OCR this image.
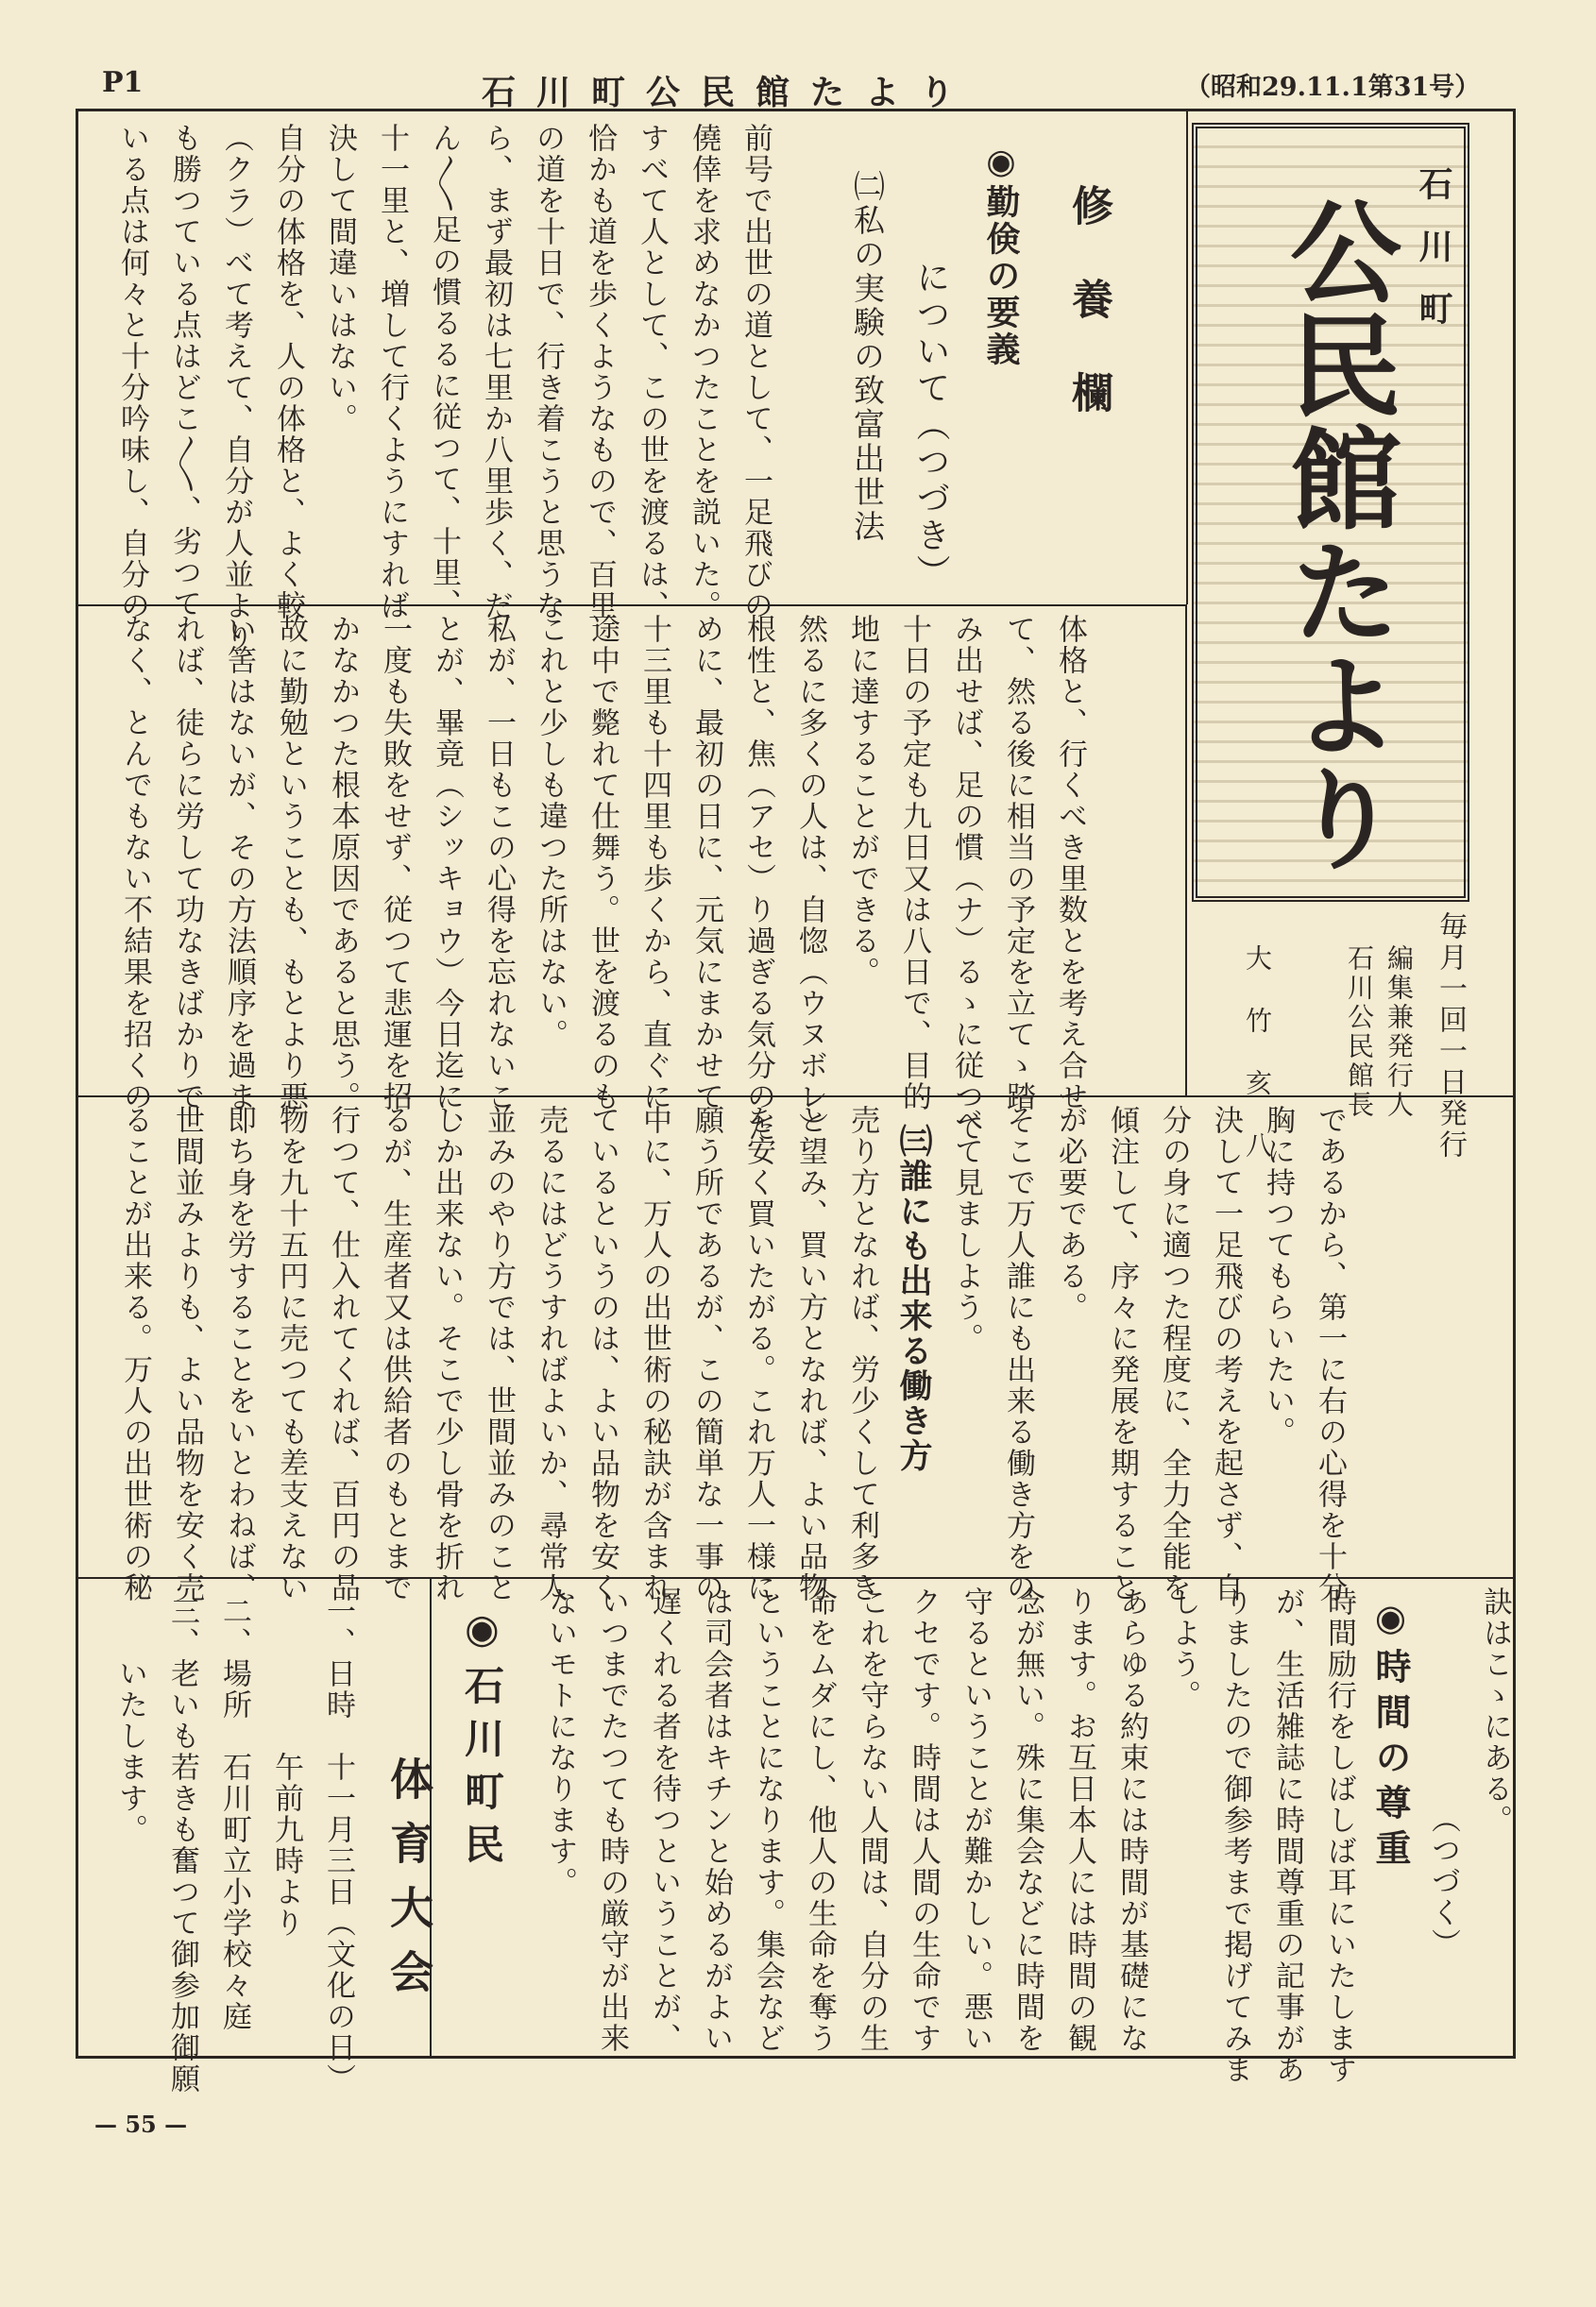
P1	石川町公民館たより	（昭和29.11.1第31号）
石川町
公民館たより
毎月一回一日発行
編集兼発行人
石川公民館長
大竹亥八
修養欄
◉勤倹の要義
について（つづき）
㈡私の実験の致富出世法
前号で出世の道として、一足飛びの
僥倖を求めなかつたことを説いた。
すべて人として、この世を渡るは、
恰かも道を歩くようなもので、百里
の道を十日で、行き着こうと思うな
ら、まず最初は七里か八里歩く、だ
ん〳〵足の慣るるに従つて、十里、
十一里と、増して行くようにすれば
決して間違いはない。
自分の体格を、人の体格と、よく較
（クラ）べて考えて、自分が人並より
も勝つている点はどこ〳〵、劣つて
いる点は何々と十分吟味し、自分の
体格と、行くべき里数とを考え合せ
て、然る後に相当の予定を立てゝ踏
み出せば、足の慣（ナ）るゝに従つて
十日の予定も九日又は八日で、目的
地に達することができる。
然るに多くの人は、自惚（ウヌボレ）
根性と、焦（アセ）り過ぎる気分のた
めに、最初の日に、元気にまかせて
十三里も十四里も歩くから、直ぐに
途中で斃れて仕舞う。世を渡るのも
これと少しも違つた所はない。
私が、一日もこの心得を忘れないこ
とが、畢竟（シッキョウ）今日迄に、
一度も失敗をせず、従つて悲運を招
かなかつた根本原因であると思う。
故に勤勉ということも、もとより悪
い筈はないが、その方法順序を過ま
れば、徒らに労して功なきばかりで
なく、とんでもない不結果を招くの
であるから、第一に右の心得を十分
胸に持つてもらいたい。
決して一足飛びの考えを起さず、自
分の身に適つた程度に、全力全能を
傾注して、序々に発展を期すること
が必要である。
そこで万人誰にも出来る働き方をの
べて見ましよう。
㈢誰にも出来る働き方
売り方となれば、労少くして利多き
と望み、買い方となれば、よい品物
を安く買いたがる。これ万人一様に
願う所であるが、この簡単な一事の
中に、万人の出世術の秘訣が含まれ
ているというのは、よい品物を安く
売るにはどうすればよいか、尋常人
並みのやり方では、世間並みのこと
しか出来ない。そこで少し骨を折れ
るが、生産者又は供給者のもとまで
行つて、仕入れてくれば、百円の品
物を九十五円に売つても差支えない
即ち身を労することをいとわねば、
世間並みよりも、よい品物を安く売
ることが出来る。万人の出世術の秘
訣はこゝにある。
（つづく）
◉時間の尊重
時間励行をしばしば耳にいたします
が、生活雑誌に時間尊重の記事があ
りましたので御参考まで掲げてみま
しよう。
あらゆる約束には時間が基礎にな
ります。お互日本人には時間の観
念が無い。殊に集会などに時間を
守るということが難かしい。悪い
クセです。時間は人間の生命です
これを守らない人間は、自分の生
命をムダにし、他人の生命を奪う
ということになります。集会など
は司会者はキチンと始めるがよい
遅くれる者を待つということが、
いつまでたつても時の厳守が出来
ないモトになります。
◉石川町民
体育大会
一、日時　十一月三日（文化の日）
　　　　　午前九時より
二、場所　石川町立小学校々庭
三、老いも若きも奮つて御参加御願
　　いたします。
— 55 —
